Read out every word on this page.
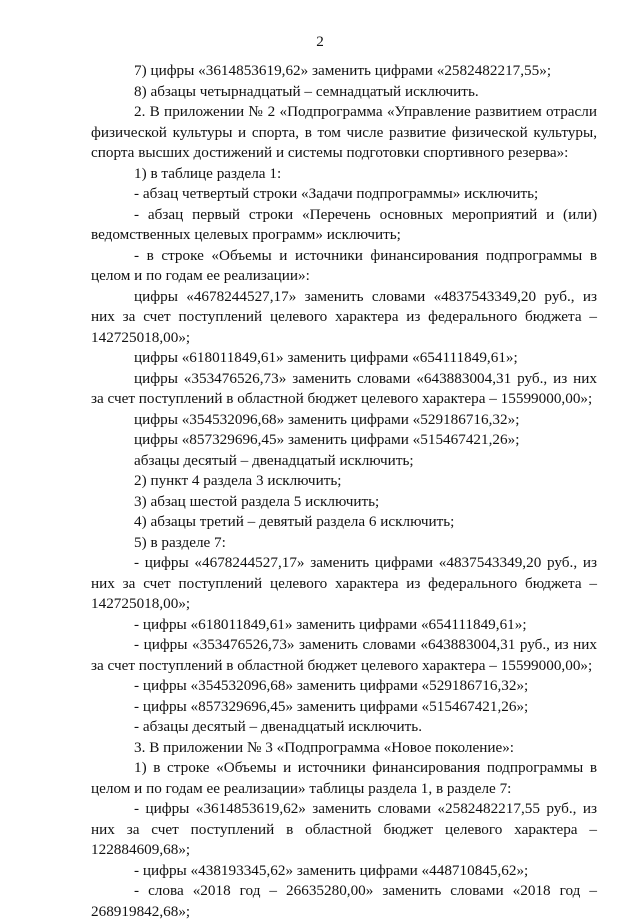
2

7) цифры «3614853619,62» заменить цифрами «2582482217,55»;

8) абзацы четырнадцатый – семнадцатый исключить.

2. В приложении № 2 «Подпрограмма «Управление развитием отрасли физической культуры и спорта, в том числе развитие физической культуры, спорта высших достижений и системы подготовки спортивного резерва»:

1) в таблице раздела 1:

- абзац четвертый строки «Задачи подпрограммы» исключить;

- абзац первый строки «Перечень основных мероприятий и (или) ведомственных целевых программ» исключить;

- в строке «Объемы и источники финансирования подпрограммы в целом и по годам ее реализации»:

цифры «4678244527,17» заменить словами «4837543349,20 руб., из них за счет поступлений целевого характера из федерального бюджета – 142725018,00»;

цифры «618011849,61» заменить цифрами «654111849,61»;

цифры «353476526,73» заменить словами «643883004,31 руб., из них за счет поступлений в областной бюджет целевого характера – 15599000,00»;

цифры «354532096,68» заменить цифрами «529186716,32»;

цифры «857329696,45» заменить цифрами «515467421,26»;

абзацы десятый – двенадцатый исключить;

2) пункт 4 раздела 3 исключить;

3) абзац шестой раздела 5 исключить;

4) абзацы третий – девятый раздела 6 исключить;

5) в разделе 7:

- цифры «4678244527,17» заменить цифрами «4837543349,20 руб., из них за счет поступлений целевого характера из федерального бюджета – 142725018,00»;

- цифры «618011849,61» заменить цифрами «654111849,61»;

- цифры «353476526,73» заменить словами «643883004,31 руб., из них за счет поступлений в областной бюджет целевого характера – 15599000,00»;

- цифры «354532096,68» заменить цифрами «529186716,32»;

- цифры «857329696,45» заменить цифрами «515467421,26»;

- абзацы десятый – двенадцатый исключить.

3. В приложении № 3 «Подпрограмма «Новое поколение»:

1) в строке «Объемы и источники финансирования подпрограммы в целом и по годам ее реализации» таблицы раздела 1, в разделе 7:

- цифры «3614853619,62» заменить словами «2582482217,55 руб., из них за счет поступлений в областной бюджет целевого характера – 122884609,68»;

- цифры «438193345,62» заменить цифрами «448710845,62»;

- слова «2018 год – 26635280,00» заменить словами «2018 год – 268919842,68»;
